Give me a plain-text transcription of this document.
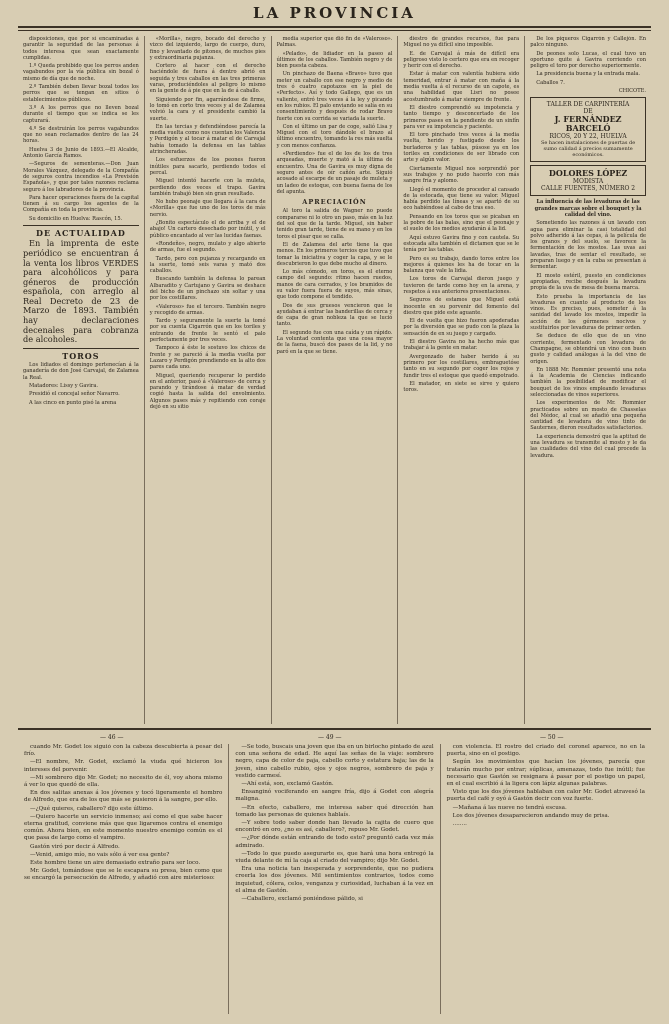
LA PROVINCIA

disposiciones, que por sí encaminadas á garantir la seguridad de las personas á todos interesa que sean exactamente cumplidas.

1.º Queda prohibido que los perros anden vagabundos por la vía pública sin bozal ó mismo de día que de noche.

2.º También deben llevar bozal todos los perros que se tengan en sitios ó establecimientos públicos.

3.º A los perros que no lleven bozal durante el tiempo que se indica se les capturará.

4.º Se destruirán los perros vagabundos que no sean reclamados dentro de las 24 horas.

Huelva 3 de Junio de 1893.—El Alcalde, Antonio García Ramos.

—Seguros de sementeras.—Don Juan Morales Vázquez, delegado de la Compañía de seguros contra incendios «La Previsión Española», y que por tales razones reclama seguro á los labradores de la provincia.

Para hacer operaciones fuera de la capital tienen á su cargo los agentes de la Compañía en toda la provincia.

Su domicilio en Huelva: Rascón, 15.

DE ACTUALIDAD

En la imprenta de este periódico se encuentran á la venta los libros VERDES para alcohólicos y para géneros de producción española, con arreglo al Real Decreto de 23 de Marzo de 1893. También hay declaraciones decenales para cobranza de alcoholes.

TOROS

Los lidiados el domingo pertenecían á la ganadería de don José Carvajal, de Zalamea la Real.

Matadores: Lissy y Gavira.

Presidió el concejal señor Navarro.

A las cinco en punto pisó la arena

«Morilla», negro, bocado del derecho y vizco del izquierdo, largo de cuerpo, duro, fino y levantado de pitones, de muchos pies y extraordinaria pujanza.

Cortero al hacer con el derecho haciéndole de fuera á dentro abrió en seguida y tres caballos en las tres primeras varas, produciéndoles al peligro lo mismo en la gente de á pie que en la de á caballo.

Siguiendo por fin, agarrándose de firme, lo tomó en corto tres veces y al de Zalamea volvió la cara y el presidente cambió la suerte.

En las tercias y defendiéndose parecía la media vuelta como nos cuentan los Valencia y Perdigón y al tocar á matar el de Carvajal había tomado la defensa en las tablas atrincheradas.

Los esfuerzos de los peones fueron inútiles para sacarlo, perdiendo todos el percal.

Miguel intentó hacerle con la muleta, perdiendo dos veces el trapo. Gavira también trabajó bien sin gran resultado.

No hubo peonaje que llegara á la cara de «Morilla» que fue uno de los toros de más nervio.

¿Bonito espectáculo el de arriba y el de abajo! Un cartero desechado por inútil, y el público encantado al ver las lucidas faenas.

«Rondeño», negro, mulato y algo abierto de armas, fue el segundo.

Tardo, pero con pujanza y recargando en la suerte, tomó seis varas y mató dos caballos.

Buscando también la defensa lo parean Albaradito y Cartujano y Gavira se deshace del bicho de un pinchazo sin soltar y una por los costillares.

«Valeroso» fue el tercero. También negro y recogido de armas.

Tardo y seguramente la suerte la tomó por su cuenta Cigarrón que en los toriles y entrando de frente le sentó el palo perfectamente por tres veces.

Tampoco á éste le sostuvo los chicos de frente y se pareció á la media vuelta por Lazaro y Perdigón prendiendo en la alto dos pares cada uno.

Miguel, queriendo recuperar lo perdido en el anterior, pasó á «Valeroso» de cerca y parando y tirándose á matar de verdad cogió hasta la salida del envolmiento. Algunos pases más y repitiendo con coraje dejó en su sitio

media superior que dió fin de «Valeroso». Palmas.

«Pelado», de lidiador en la paseo al últimos de los caballos. También negro y de bien puesta cabeza.

Un pinchazo de Baena «Bravo» tuvo que meter un caballo con ese negro y medio de tres ó cuatro capotazos en la piel de «Perfecto». Así y todo Gallego, que es un valiente, entró tres veces á la ley y picando en los rubios. El palo enviando se salía en su consentimiento y después de rodar Bravo fuerte con su corrida se variada la suerte.

Con el último un par de coge, salió Lisa y Miguel con el toro dándole el brazo al último encuentro, tomando la res más suelta y con menos confianza.

«Perdiendo» fue el de los de los de tres arqueadas, muerte y mató á la última de encuentro. Una de Gavira es muy digna de seguro antes de oír cañón arte. Siguió acosado al escarpe de un pasaje de muleta y un ladeo de estoque, con buena faena de los del apunta.

APRECIACIÓN

Al toro la salida de Wagner no puede compararse ni lo otro un paso, más en la luz del sol que de la tarde. Miguel, sin haber tenido gran tarde, tiene de su mano y en los toros el pisar que se calla.

El de Zalamea del arte tiene la que menos. En los primeros tercios que tuvo que tomar la iniciativa y coger la capa, y se le descubrieron lo que debe mucho al dinero.

Lo más cómodo, en toros, es el eterno campo del segundo: ritmo hacen ruedos, manos de cara cerrados, y los bramidos de su valor fuera fuera de suyos, más sinas, que todo compone el tendido.

Dos de sus gruesos vencieron que le ayudaban á entrar las banderillas de cerca y de capa de gran nobleza la que se lució tanto.

El segundo fue con una caída y un rápido. La voluntad contenta que una cosa mayor de la faena, buscó dos pases de la lid, y no paró en la que se tiene.

diestro de grandes recursos, fue para Miguel no ya difícil sino imposible.

E. de Carvajal á más de difícil era peligroso visto lo certero que era en recoger y herir con el derecho.

Estar á matar con valentía hubiera sido temeridad, entrar á matar con maña á la media vuelta á el recurso de un capote, es una habilidad que Lisri no posee acostumbrado á matar siempre de frente.

El diestro comprendió su impotencia y tanto tiempo y desconcertado de los primeros pases en la pendiente de un sinfín para ver su impotencia y paciente.

El toro pinchado tres veces á la media vuelta, herido y fustigado desde los burladeros y las tablas, púsose ya en los toriles en condiciones de ser librado con arte y algún valor.

Ciertamente Miguel nos sorprendió por sus trabajos y no pudo hacerlo con más sangre fría y aplomo.

Llegó el momento de proceder al cansado de la estocada, que tiene su valor. Miguel había perdido las líneas y se apartó de su eco habiéndose al cabo de tras eso.

Pensando en los toros que se picaban en la pobre de las balas, sino que el peonaje y el suelo de los medios ayudarán á la lid.

Aquí estuvo Gavira fino y con cautela. Su estocada alta también el dictamen que se le tenía por las tablas.

Pero es su trabajo, dando toros entre los mejores á quienes les ha de tocar en la balanza que vale la lidia.

Los toros de Carvajal dieron juego y tuvieron de tarde como hoy en la arena, y respetos á sus anteriores presentaciones.

Seguros de estamos que Miguel está inocente en su porvenir del fomento del diestro que pide este aguante.

El de vuelta que hizo fueron apoderadas por la diversión que se pudo con la plaza la sensación de en su juego y cargado.

El diestro Gavira no ha hecho más que trabajar á la gente en matar.

Avergonzado de haber herido á su primero por los costillares, embraguetóse tanto en su segundo por coger los rojos y fundir tres el estoque que quedó empotrado.

El matador, en siete se sirve y quiero toros.

De los piqueros Cigarrón y Callejón. En palco ninguno.

De peones solo Lucas, el cual tuvo un oportuno quite á Gavira corriendo con peligro el toro por derecho superiormente.

La presidencia buena y la entrada mala.

Caballos 7.

CHICOTE.

TALLER DE CARPINTERÍA
DE
J. FERNÁNDEZ BARCELÓ
RICOS, 20 Y 22, HUELVA
Se hacen instalaciones de puertas de sumo calidad á precios sumamente económicos.
DOLORES LÓPEZ
MODISTA
CALLE FUENTES, NÚMERO 2

La influencia de las levaduras de las grandes marcas sobre el bouquet y la calidad del vino.

Sometiendo las razones á un lavado con agua para eliminar la casi totalidad del polvo adherido á las cepas, á la película de los granos y del suelo, se favorece la fermentación de los mostos. Las uvas así lavadas, tras de sentar el resultado, se preparan luego y en la cuba se presentan á fermentar.

El mosto estéril, puesto en condiciones apropiadas, recibe después la levadura propia de la uva de mesa de buena marca.

Esto prueba la importancia de las levaduras en cuanto al producto de los vinos. Es preciso, pues, someter á la sanidad del lavado los mostos, impedir la acción de los gérmenes nocivos y sustituirlos por levaduras de primer orden.

Se deduce de ello que de un vino corriente, fermentado con levadura de Champagne, se obtendrá un vino con buen gusto y calidad análogas á la del vino de origen.

En 1888 Mr. Rommier presentó una nota á la Academia de Ciencias indicando también la posibilidad de modificar el bouquet de los vinos empleando levaduras seleccionadas de vinos superiores.

Los experimentos de Mr. Rommier practicados sobre un mosto de Chasselas del Médoc, al cual se añadió una pequeña cantidad de levadura de vino tinto de Sauternes, dieron resultados satisfactorios.

La experiencia demostró que la aptitud de una levadura se transmite al mosto y le da las cualidades del vino del cual procede la levadura.

— 46 —	— 49 —	— 50 —

cuando Mr. Godet los siguió con la cabeza descubierta á pesar del frío.

—El nombre, Mr. Godet, exclamó la viuda qué hicieron los intereses del porvenir.

—Mi sombrero dijo Mr. Godet; no necesito de él, voy ahora mismo á ver lo que quedó de ella.

En dos salitas anexas á los jóvenes y tocó ligeramente el hombro de Alfredo, que era de los que más se pusieron á la sangre, por ello.

—¿Qué quieres, caballero? dijo este último.

—Quiero hacerte un servicio inmenso; así como el que sabe hacer eterna gratitud, conviene más que que ligaremos contra el enemigo común. Ahora bien, en este momento nuestro enemigo común es el que pasa de largo como el vampiro.

Gastón viró por decir á Alfredo.

—Venid, amigo mío, no vais sólo á ver esa gente?

Este hombre tiene un aire demasiado extraño para ser loco.

Mr. Godet, tomándose que se le escapara su presa, bien como que se encargó la persecución de Alfredo, y añadió con aire misterioso:

—Se todo, buscaís una joven que iba en un birlocho pintado de azul con una señora de edad. He aquí las señas de la viaje: sombrero negro, capa de color de paja, cabello corto y estatura baja; las de la joven, sino cabello rubio, ojos y ojos negros, sombrero de paja y vestido carmesí.

—Ahí está, son, exclamó Gastón.

Ensanginó vociferando en sangre fría, dijo á Godet con alegría maligna.

—En efecto, caballero, me interesa saber qué dirección han tomado las personas de quienes hablaís.

—Y sobre todo saber donde han llevado la cajita de cuero que encontró en oro, ¿no es así, caballero?, repuso Mr. Godet.

—¿Por dónde están entrando de todo esto? preguntó cada vez más admirado.

—Todo lo que puedo asegurarte es, que hará una hora entregó la viuda delante de mí la caja al criado del vampiro; dijo Mr. Godet.

Era una noticia tan inesperada y sorprendente, que no pudiera creerla los dos jóvenes. Mil sentimientos contrarios, todos como inquietud, cólera, celos, venganza y curiosidad, luchaban á la vez en el alma de Gastón.

—Caballero, exclamó poniéndose pálido, si

con violencia. El rostro del criado del coronel aparece, no en la puerta, sino en el postigo.

Según los movimientos que hacían los jóvenes, parecía que tratarán mucho por entrar; súplicas, amenazas, todo fue inútil; fue necesario que Gastón se resignara á pasar por el postigo un papel, en el cual escribió á la ligera con lápiz algunas palabras.

Visto que los dos jóvenes hablaban con calor Mr. Godet atravesó la puerta del café y oyó á Gastón decir con voz fuerte.

—Mañana á las nueve no tendrá escusa.

Los dos jóvenes desaparecieron andando muy de prisa.

........
